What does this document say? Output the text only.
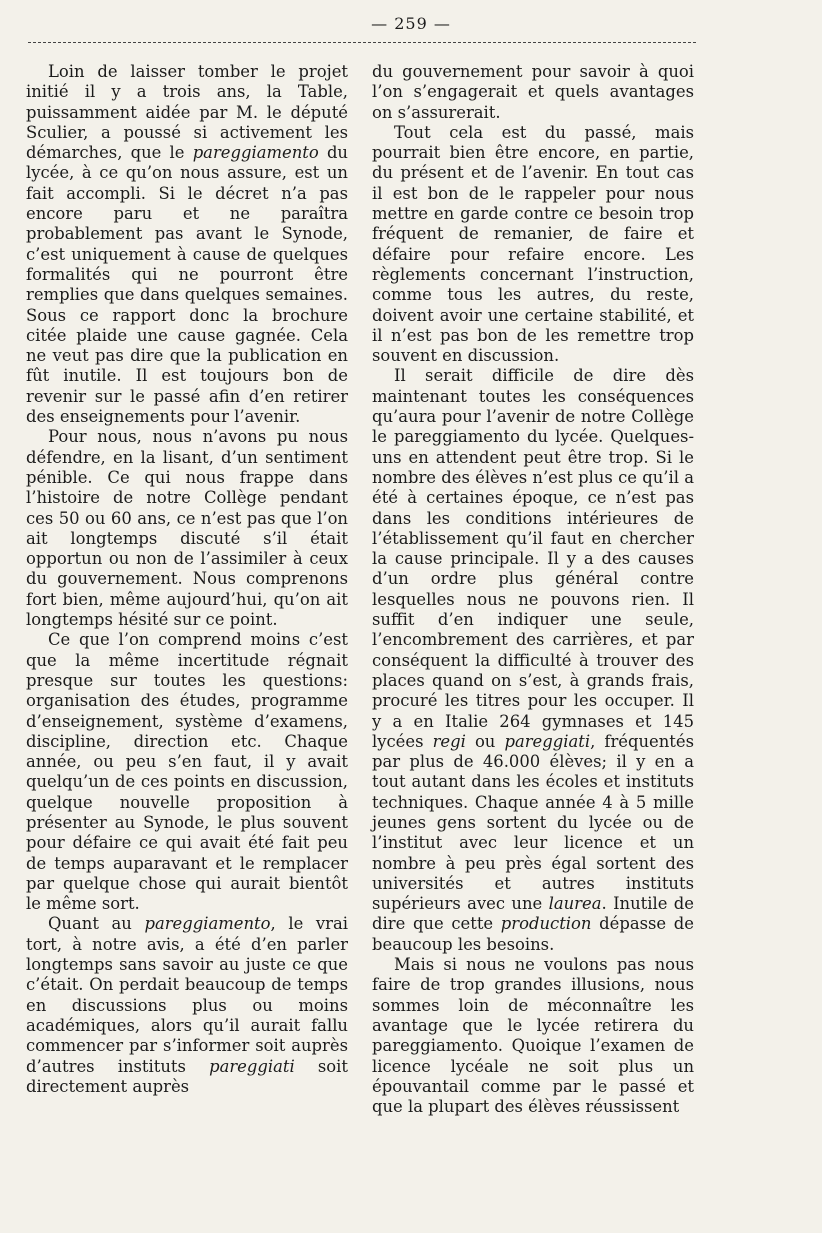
— 259 —

Loin de laisser tomber le projet initié il y a trois ans, la Table, puissamment aidée par M. le député Sculier, a poussé si activement les démarches, que le pareggiamento du lycée, à ce qu’on nous assure, est un fait accompli. Si le décret n’a pas encore paru et ne paraîtra probablement pas avant le Synode, c’est uniquement à cause de quelques formalités qui ne pourront être remplies que dans quelques semaines. Sous ce rapport donc la brochure citée plaide une cause gagnée. Cela ne veut pas dire que la publication en fût inutile. Il est toujours bon de revenir sur le passé afin d’en retirer des enseignements pour l’avenir.

Pour nous, nous n’avons pu nous défendre, en la lisant, d’un sentiment pénible. Ce qui nous frappe dans l’histoire de notre Collège pendant ces 50 ou 60 ans, ce n’est pas que l’on ait longtemps discuté s’il était opportun ou non de l’assimiler à ceux du gouvernement. Nous comprenons fort bien, même aujourd’hui, qu’on ait longtemps hésité sur ce point.

Ce que l’on comprend moins c’est que la même incertitude régnait presque sur toutes les questions: organisation des études, programme d’enseignement, système d’examens, discipline, direction etc. Chaque année, ou peu s’en faut, il y avait quelqu’un de ces points en discussion, quelque nouvelle proposition à présenter au Synode, le plus souvent pour défaire ce qui avait été fait peu de temps auparavant et le remplacer par quelque chose qui aurait bientôt le même sort.

Quant au pareggiamento, le vrai tort, à notre avis, a été d’en parler longtemps sans savoir au juste ce que c’était. On perdait beaucoup de temps en discussions plus ou moins académiques, alors qu’il aurait fallu commencer par s’informer soit auprès d’autres instituts pareggiati soit directement auprès

du gouvernement pour savoir à quoi l’on s’engagerait et quels avantages on s’assurerait.

Tout cela est du passé, mais pourrait bien être encore, en partie, du présent et de l’avenir. En tout cas il est bon de le rappeler pour nous mettre en garde contre ce besoin trop fréquent de remanier, de faire et défaire pour refaire encore. Les règlements concernant l’instruction, comme tous les autres, du reste, doivent avoir une certaine stabilité, et il n’est pas bon de les remettre trop souvent en discussion.

Il serait difficile de dire dès maintenant toutes les conséquences qu’aura pour l’avenir de notre Collège le pareggiamento du lycée. Quelques-uns en attendent peut être trop. Si le nombre des élèves n’est plus ce qu’il a été à certaines époque, ce n’est pas dans les conditions intérieures de l’établissement qu’il faut en chercher la cause principale. Il y a des causes d’un ordre plus général contre lesquelles nous ne pouvons rien. Il suffit d’en indiquer une seule, l’encombrement des carrières, et par conséquent la difficulté à trouver des places quand on s’est, à grands frais, procuré les titres pour les occuper. Il y a en Italie 264 gymnases et 145 lycées regi ou pareggiati, fréquentés par plus de 46.000 élèves; il y en a tout autant dans les écoles et instituts techniques. Chaque année 4 à 5 mille jeunes gens sortent du lycée ou de l’institut avec leur licence et un nombre à peu près égal sortent des universités et autres instituts supérieurs avec une laurea. Inutile de dire que cette production dépasse de beaucoup les besoins.

Mais si nous ne voulons pas nous faire de trop grandes illusions, nous sommes loin de méconnaître les avantage que le lycée retirera du pareggiamento. Quoique l’examen de licence lycéale ne soit plus un épouvantail comme par le passé et que la plupart des élèves réussissent
